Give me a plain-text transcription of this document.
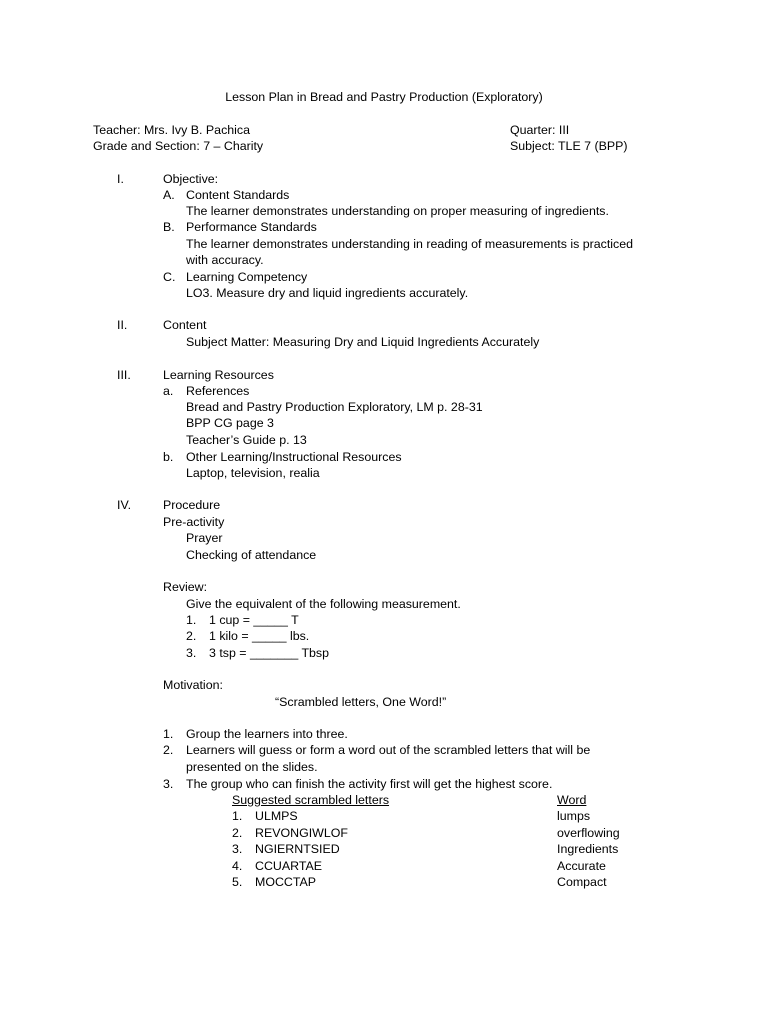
Lesson Plan in Bread and Pastry Production (Exploratory)
Teacher: Mrs. Ivy B. Pachica	Quarter: III
Grade and Section: 7 – Charity	Subject: TLE 7 (BPP)
I.	Objective:
A. Content Standards
The learner demonstrates understanding on proper measuring of ingredients.
B. Performance Standards
The learner demonstrates understanding in reading of measurements is practiced
with accuracy.
C. Learning Competency
LO3. Measure dry and liquid ingredients accurately.
II.	Content
Subject Matter: Measuring Dry and Liquid Ingredients Accurately
III.	Learning Resources
a. References
Bread and Pastry Production Exploratory, LM p. 28-31
BPP CG page 3
Teacher’s Guide p. 13
b. Other Learning/Instructional Resources
Laptop, television, realia
IV.	Procedure
Pre-activity
Prayer
Checking of attendance
Review:
Give the equivalent of the following measurement.
1. 1 cup = _____ T
2. 1 kilo = _____ lbs.
3. 3 tsp = _______ Tbsp
Motivation:
“Scrambled letters, One Word!”
1. Group the learners into three.
2. Learners will guess or form a word out of the scrambled letters that will be
presented on the slides.
3. The group who can finish the activity first will get the highest score.
Suggested scrambled letters	Word
1. ULMPS	lumps
2. REVONGIWLOF	overflowing
3. NGIERNTSIED	Ingredients
4. CCUARTAE	Accurate
5. MOCCTAP	Compact
